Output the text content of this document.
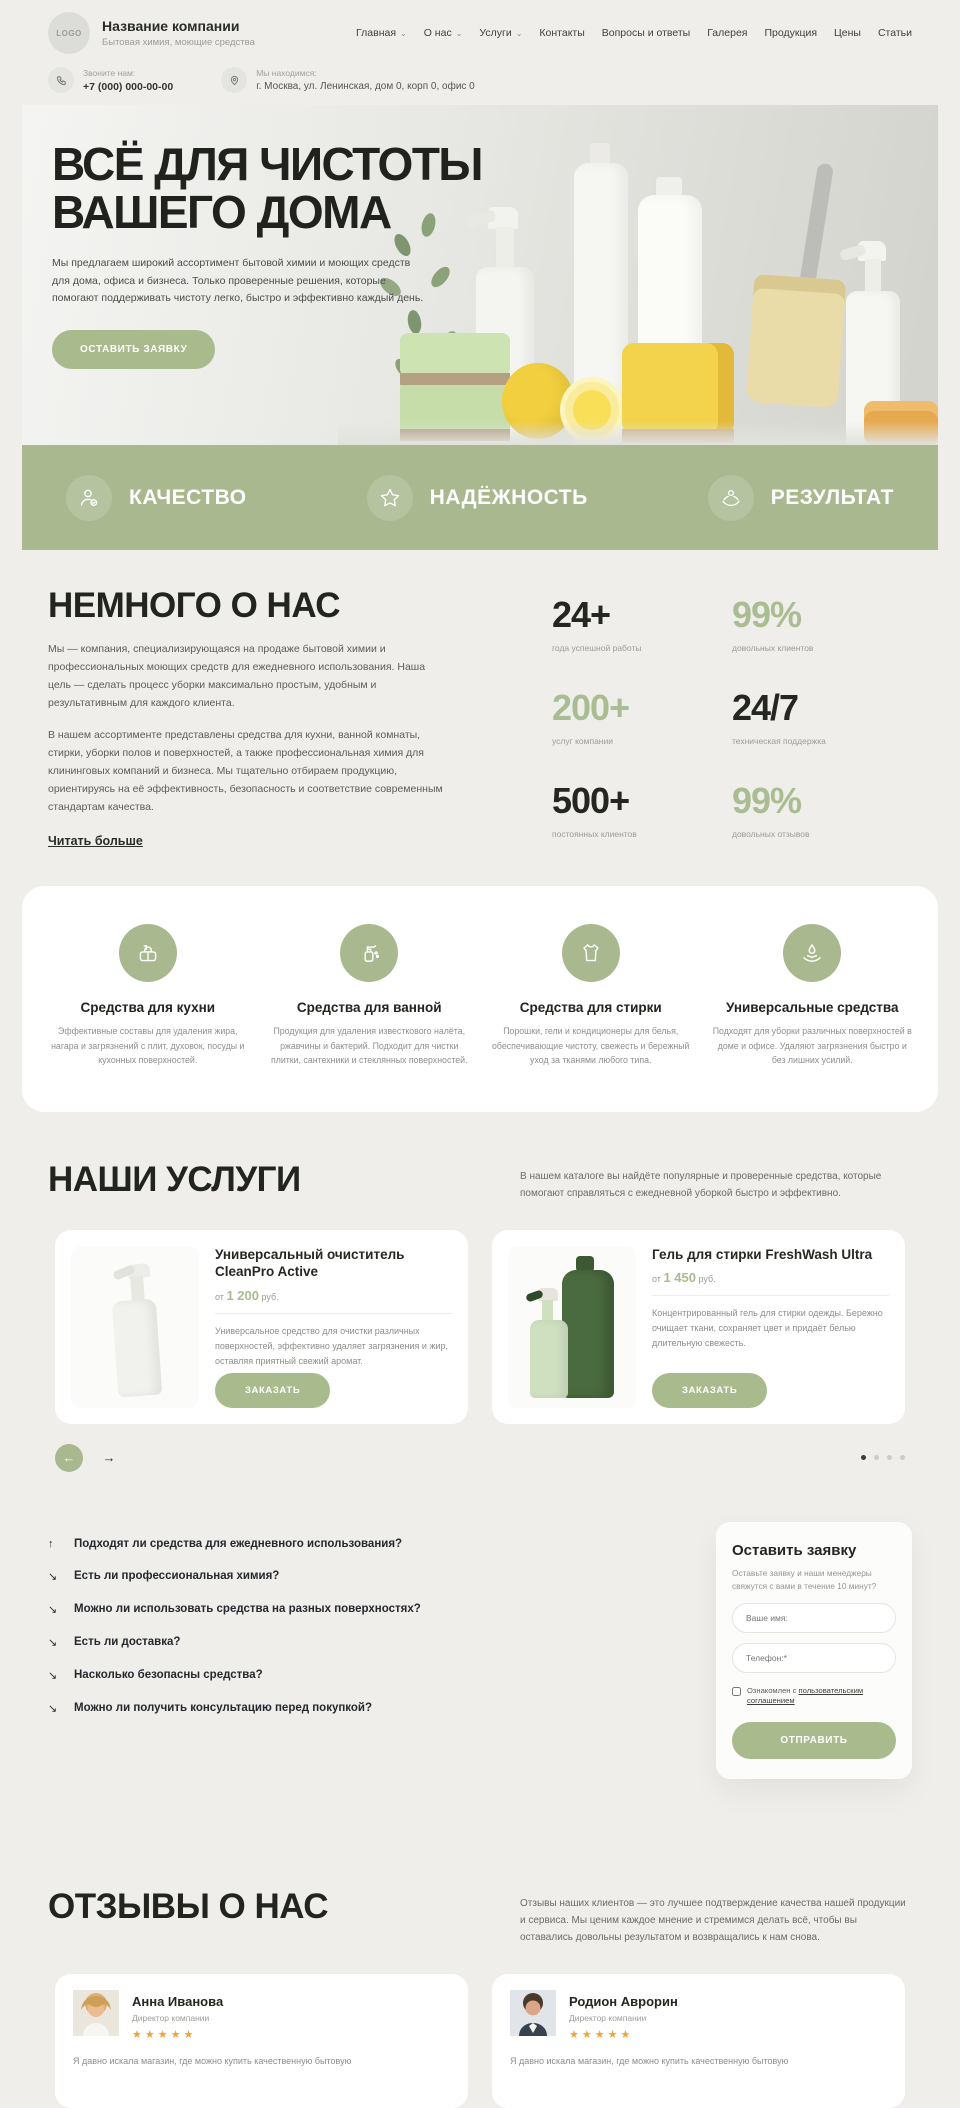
LOGO	Название компании
Бытовая химия, моющие средства
Главная ⌄ О нас ⌄ Услуги ⌄ Контакты Вопросы и ответы Галерея Продукция Цены Статьи
Звоните нам:
+7 (000) 000-00-00
Мы находимся:
г. Москва, ул. Ленинская, дом 0, корп 0, офис 0
ВСЁ ДЛЯ ЧИСТОТЫ
ВАШЕГО ДОМА
Мы предлагаем широкий ассортимент бытовой химии и моющих средств для дома, офиса и бизнеса. Только проверенные решения, которые помогают поддерживать чистоту легко, быстро и эффективно каждый день.
ОСТАВИТЬ ЗАЯВКУ
КАЧЕСТВО	НАДЁЖНОСТЬ	РЕЗУЛЬТАТ
НЕМНОГО О НАС

Мы — компания, специализирующаяся на продаже бытовой химии и профессиональных моющих средств для ежедневного использования. Наша цель — сделать процесс уборки максимально простым, удобным и результативным для каждого клиента.

В нашем ассортименте представлены средства для кухни, ванной комнаты, стирки, уборки полов и поверхностей, а также профессиональная химия для клининговых компаний и бизнеса. Мы тщательно отбираем продукцию, ориентируясь на её эффективность, безопасность и соответствие современным стандартам качества.

Читать больше
24+
года успешной работы
99%
довольных клиентов
200+
услуг компании
24/7
техническая поддержка
500+
постоянных клиентов
99%
довольных отзывов
Средства для кухни
Эффективные составы для удаления жира, нагара и загрязнений с плит, духовок, посуды и кухонных поверхностей.
Средства для ванной
Продукция для удаления известкового налёта, ржавчины и бактерий. Подходит для чистки плитки, сантехники и стеклянных поверхностей.
Средства для стирки
Порошки, гели и кондиционеры для белья, обеспечивающие чистоту, свежесть и бережный уход за тканями любого типа.
Универсальные средства
Подходят для уборки различных поверхностей в доме и офисе. Удаляют загрязнения быстро и без лишних усилий.
НАШИ УСЛУГИ	В нашем каталоге вы найдёте популярные и проверенные средства, которые помогают справляться с ежедневной уборкой быстро и эффективно.
Универсальный очиститель CleanPro Active
от 1 200 руб.
Универсальное средство для очистки различных поверхностей, эффективно удаляет загрязнения и жир, оставляя приятный свежий аромат.
ЗАКАЗАТЬ
Гель для стирки FreshWash Ultra
от 1 450 руб.
Концентрированный гель для стирки одежды. Бережно очищает ткани, сохраняет цвет и придаёт белью длительную свежесть.
ЗАКАЗАТЬ
← →
↑	Подходят ли средства для ежедневного использования?
↘	Есть ли профессиональная химия?
↘	Можно ли использовать средства на разных поверхностях?
↘	Есть ли доставка?
↘	Насколько безопасны средства?
↘	Можно ли получить консультацию перед покупкой?
Оставить заявку
Оставьте заявку и наши менеджеры свяжутся с вами в течение 10 минут?
Ваше имя: Телефон:*
Ознакомлен с пользовательским соглашением
ОТПРАВИТЬ
ОТЗЫВЫ О НАС	Отзывы наших клиентов — это лучшее подтверждение качества нашей продукции и сервиса. Мы ценим каждое мнение и стремимся делать всё, чтобы вы оставались довольны результатом и возвращались к нам снова.
Анна Иванова
Директор компании
★★★★★
Я давно искала магазин, где можно купить качественную бытовую
Родион Аврорин
Директор компании
★★★★★
Я давно искала магазин, где можно купить качественную бытовую
